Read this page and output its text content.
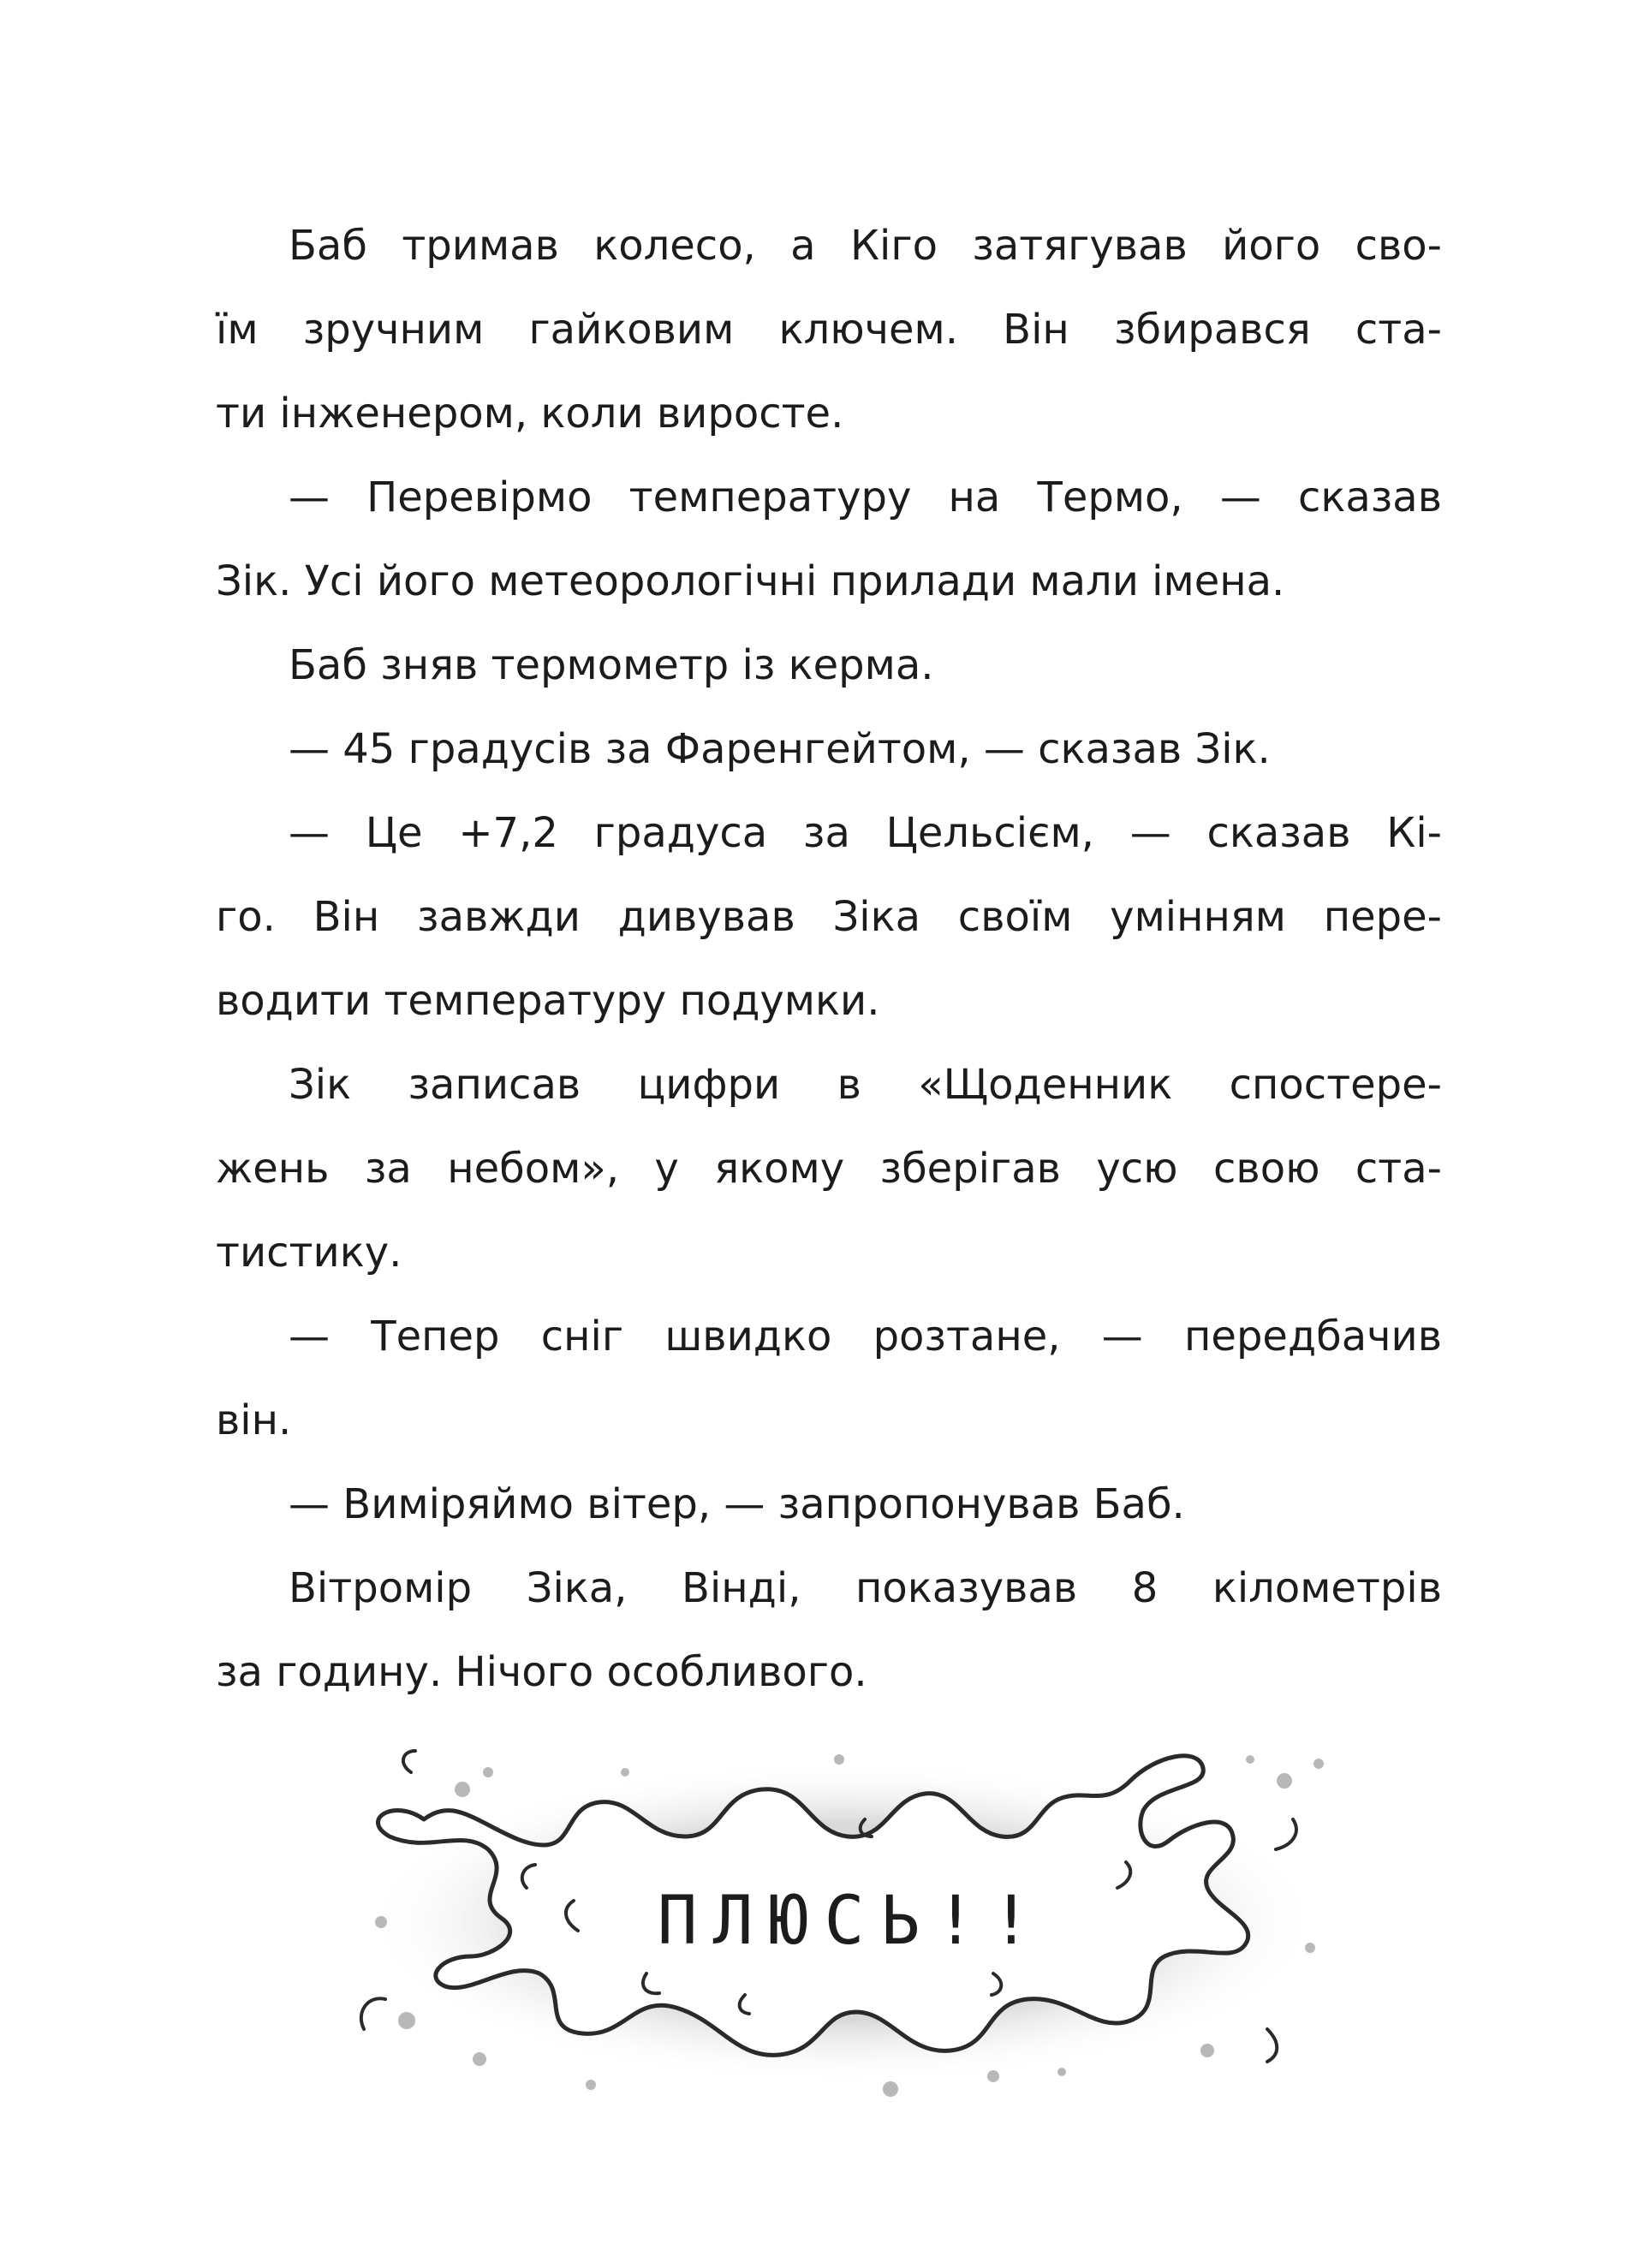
Баб тримав колесо, а Кіго затягував його сво-
їм зручним гайковим ключем. Він збирався ста-
ти інженером, коли виросте.
— Перевірмо температуру на Термо, — сказав
Зік. Усі його метеорологічні прилади мали імена.
Баб зняв термометр із керма.
— 45 градусів за Фаренгейтом, — сказав Зік.
— Це +7,2 градуса за Цельсієм, — сказав Кі-
го. Він завжди дивував Зіка своїм умінням пере-
водити температуру подумки.
Зік записав цифри в «Щоденник спостере-
жень за небом», у якому зберігав усю свою ста-
тистику.
— Тепер сніг швидко розтане, — передбачив
він.
— Виміряймо вітер, — запропонував Баб.
Вітромір Зіка, Вінді, показував 8 кілометрів
за годину. Нічого особливого.
ПЛЮСЬ!!
